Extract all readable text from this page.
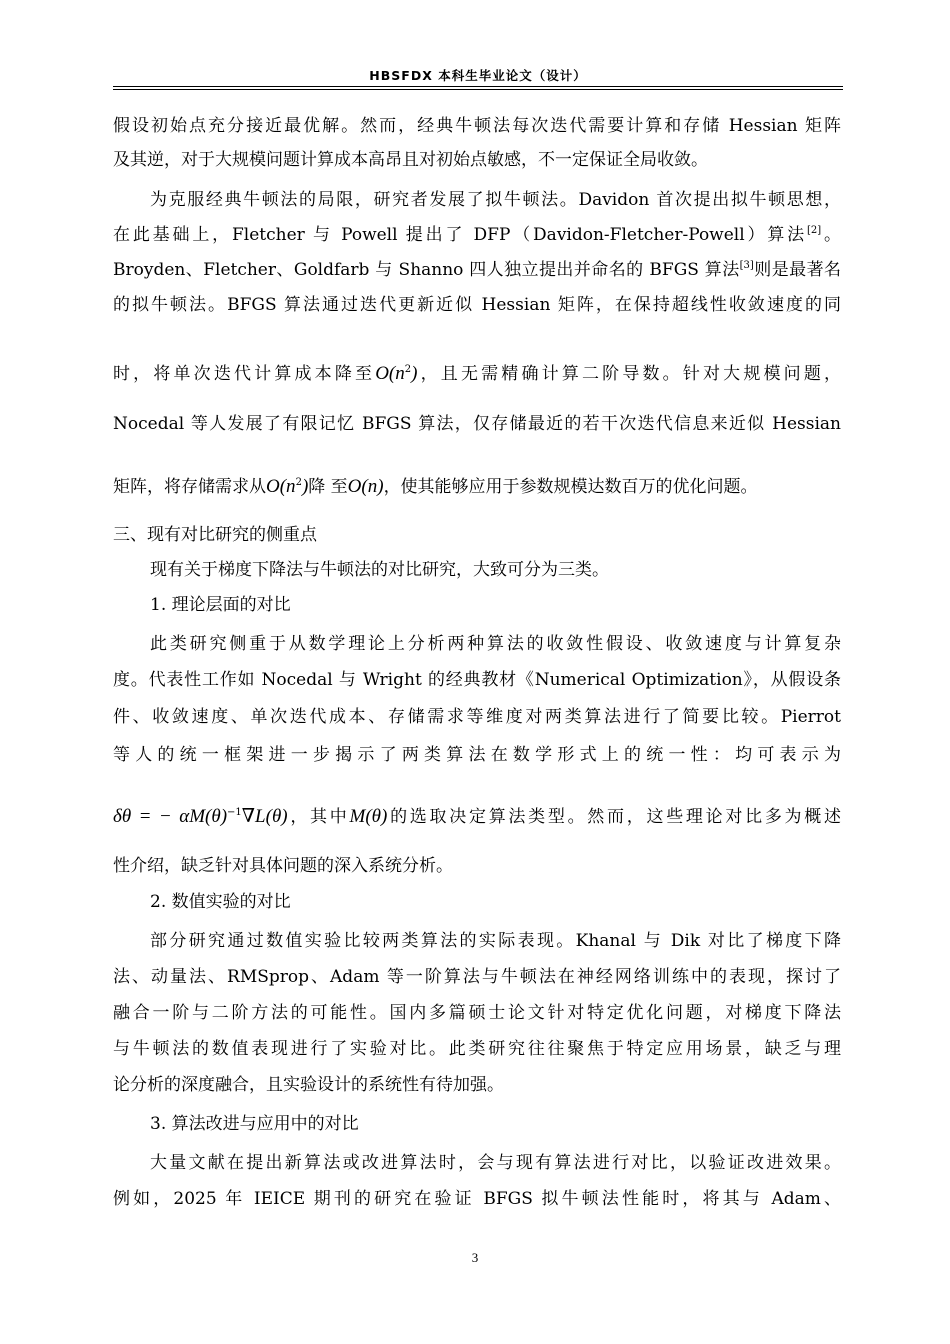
HBSFDX 本科生毕业论文（设计）
假设初始点充分接近最优解。然而，经典牛顿法每次迭代需要计算和存储 Hessian 矩阵
及其逆，对于大规模问题计算成本高昂且对初始点敏感，不一定保证全局收敛。
为克服经典牛顿法的局限，研究者发展了拟牛顿法。Davidon 首次提出拟牛顿思想，
在此基础上，Fletcher 与 Powell 提出了 DFP（Davidon-Fletcher-Powell）算法[2]。
Broyden、Fletcher、Goldfarb 与 Shanno 四人独立提出并命名的 BFGS 算法[3]则是最著名
的拟牛顿法。BFGS 算法通过迭代更新近似 Hessian 矩阵，在保持超线性收敛速度的同
时，将单次迭代计算成本降至$O(n^2)$，且无需精确计算二阶导数。针对大规模问题，
Nocedal 等人发展了有限记忆 BFGS 算法，仅存储最近的若干次迭代信息来近似 Hessian
矩阵，将存储需求从$O(n^2)$降 至O(n)，使其能够应用于参数规模达数百万的优化问题。
三、现有对比研究的侧重点
现有关于梯度下降法与牛顿法的对比研究，大致可分为三类。
1. 理论层面的对比
此类研究侧重于从数学理论上分析两种算法的收敛性假设、收敛速度与计算复杂
度。代表性工作如 Nocedal 与 Wright 的经典教材《Numerical Optimization》，从假设条
件、收敛速度、单次迭代成本、存储需求等维度对两类算法进行了简要比较。Pierrot
等人的统一框架进一步揭示了两类算法在数学形式上的统一性：均可表示为
δθ = − $\alpha M(\theta)^{-1}\nabla L(\theta)$，其中M(θ)的选取决定算法类型。然而，这些理论对比多为概述
性介绍，缺乏针对具体问题的深入系统分析。
2. 数值实验的对比
部分研究通过数值实验比较两类算法的实际表现。Khanal 与 Dik 对比了梯度下降
法、动量法、RMSprop、Adam 等一阶算法与牛顿法在神经网络训练中的表现，探讨了
融合一阶与二阶方法的可能性。国内多篇硕士论文针对特定优化问题，对梯度下降法
与牛顿法的数值表现进行了实验对比。此类研究往往聚焦于特定应用场景，缺乏与理
论分析的深度融合，且实验设计的系统性有待加强。
3. 算法改进与应用中的对比
大量文献在提出新算法或改进算法时，会与现有算法进行对比，以验证改进效果。
例如，2025 年 IEICE 期刊的研究在验证 BFGS 拟牛顿法性能时，将其与 Adam、
3
